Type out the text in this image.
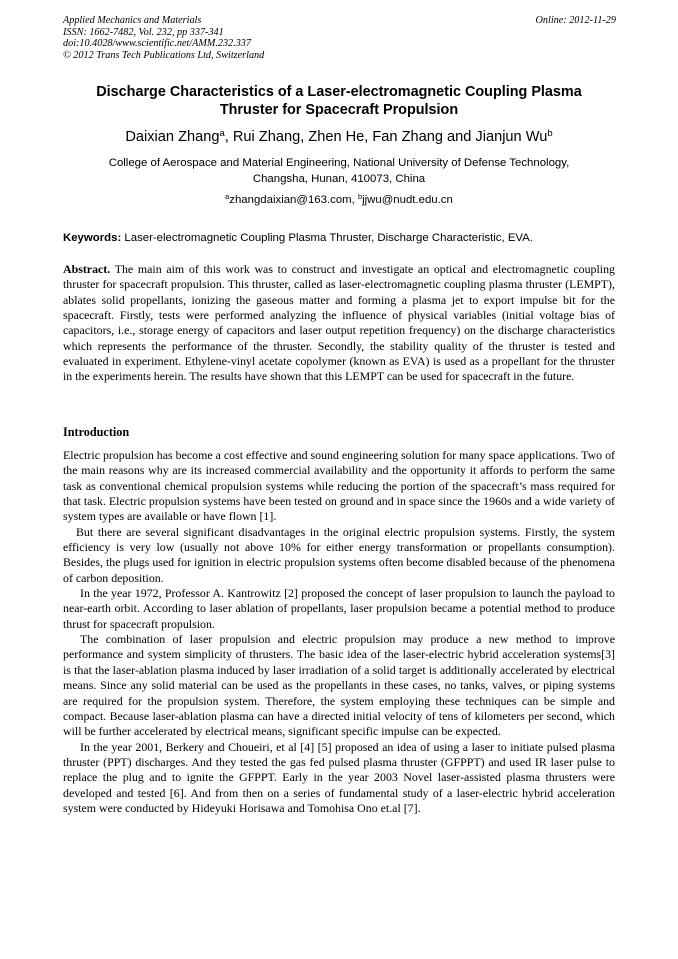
Applied Mechanics and Materials
ISSN: 1662-7482, Vol. 232, pp 337-341
doi:10.4028/www.scientific.net/AMM.232.337
© 2012 Trans Tech Publications Ltd, Switzerland
Online: 2012-11-29
Discharge Characteristics of a Laser-electromagnetic Coupling Plasma
Thruster for Spacecraft Propulsion
Daixian Zhang$^a$, Rui Zhang, Zhen He, Fan Zhang and Jianjun Wu$^b$
College of Aerospace and Material Engineering, National University of Defense Technology,
Changsha, Hunan, 410073, China
$^a$zhangdaixian@163.com, $^b$jjwu@nudt.edu.cn
Keywords: Laser-electromagnetic Coupling Plasma Thruster, Discharge Characteristic, EVA.
Abstract. The main aim of this work was to construct and investigate an optical and electromagnetic coupling thruster for spacecraft propulsion. This thruster, called as laser-electromagnetic coupling plasma thruster (LEMPT), ablates solid propellants, ionizing the gaseous matter and forming a plasma jet to export impulse bit for the spacecraft. Firstly, tests were performed analyzing the influence of physical variables (initial voltage bias of capacitors, i.e., storage energy of capacitors and laser output repetition frequency) on the discharge characteristics which represents the performance of the thruster. Secondly, the stability quality of the thruster is tested and evaluated in experiment. Ethylene-vinyl acetate copolymer (known as EVA) is used as a propellant for the thruster in the experiments herein. The results have shown that this LEMPT can be used for spacecraft in the future.
Introduction

Electric propulsion has become a cost effective and sound engineering solution for many space applications. Two of the main reasons why are its increased commercial availability and the opportunity it affords to perform the same task as conventional chemical propulsion systems while reducing the portion of the spacecraft’s mass required for that task. Electric propulsion systems have been tested on ground and in space since the 1960s and a wide variety of system types are available or have flown [1].

But there are several significant disadvantages in the original electric propulsion systems. Firstly, the system efficiency is very low (usually not above 10% for either energy transformation or propellants consumption). Besides, the plugs used for ignition in electric propulsion systems often become disabled because of the phenomena of carbon deposition.

In the year 1972, Professor A. Kantrowitz [2] proposed the concept of laser propulsion to launch the payload to near-earth orbit. According to laser ablation of propellants, laser propulsion became a potential method to produce thrust for spacecraft propulsion.

The combination of laser propulsion and electric propulsion may produce a new method to improve performance and system simplicity of thrusters. The basic idea of the laser-electric hybrid acceleration systems[3] is that the laser-ablation plasma induced by laser irradiation of a solid target is additionally accelerated by electrical means. Since any solid material can be used as the propellants in these cases, no tanks, valves, or piping systems are required for the propulsion system. Therefore, the system employing these techniques can be simple and compact. Because laser-ablation plasma can have a directed initial velocity of tens of kilometers per second, which will be further accelerated by electrical means, significant specific impulse can be expected.

In the year 2001, Berkery and Choueiri, et al [4] [5] proposed an idea of using a laser to initiate pulsed plasma thruster (PPT) discharges. And they tested the gas fed pulsed plasma thruster (GFPPT) and used IR laser pulse to replace the plug and to ignite the GFPPT. Early in the year 2003 Novel laser-assisted plasma thrusters were developed and tested [6]. And from then on a series of fundamental study of a laser-electric hybrid acceleration system were conducted by Hideyuki Horisawa and Tomohisa Ono et.al [7].
